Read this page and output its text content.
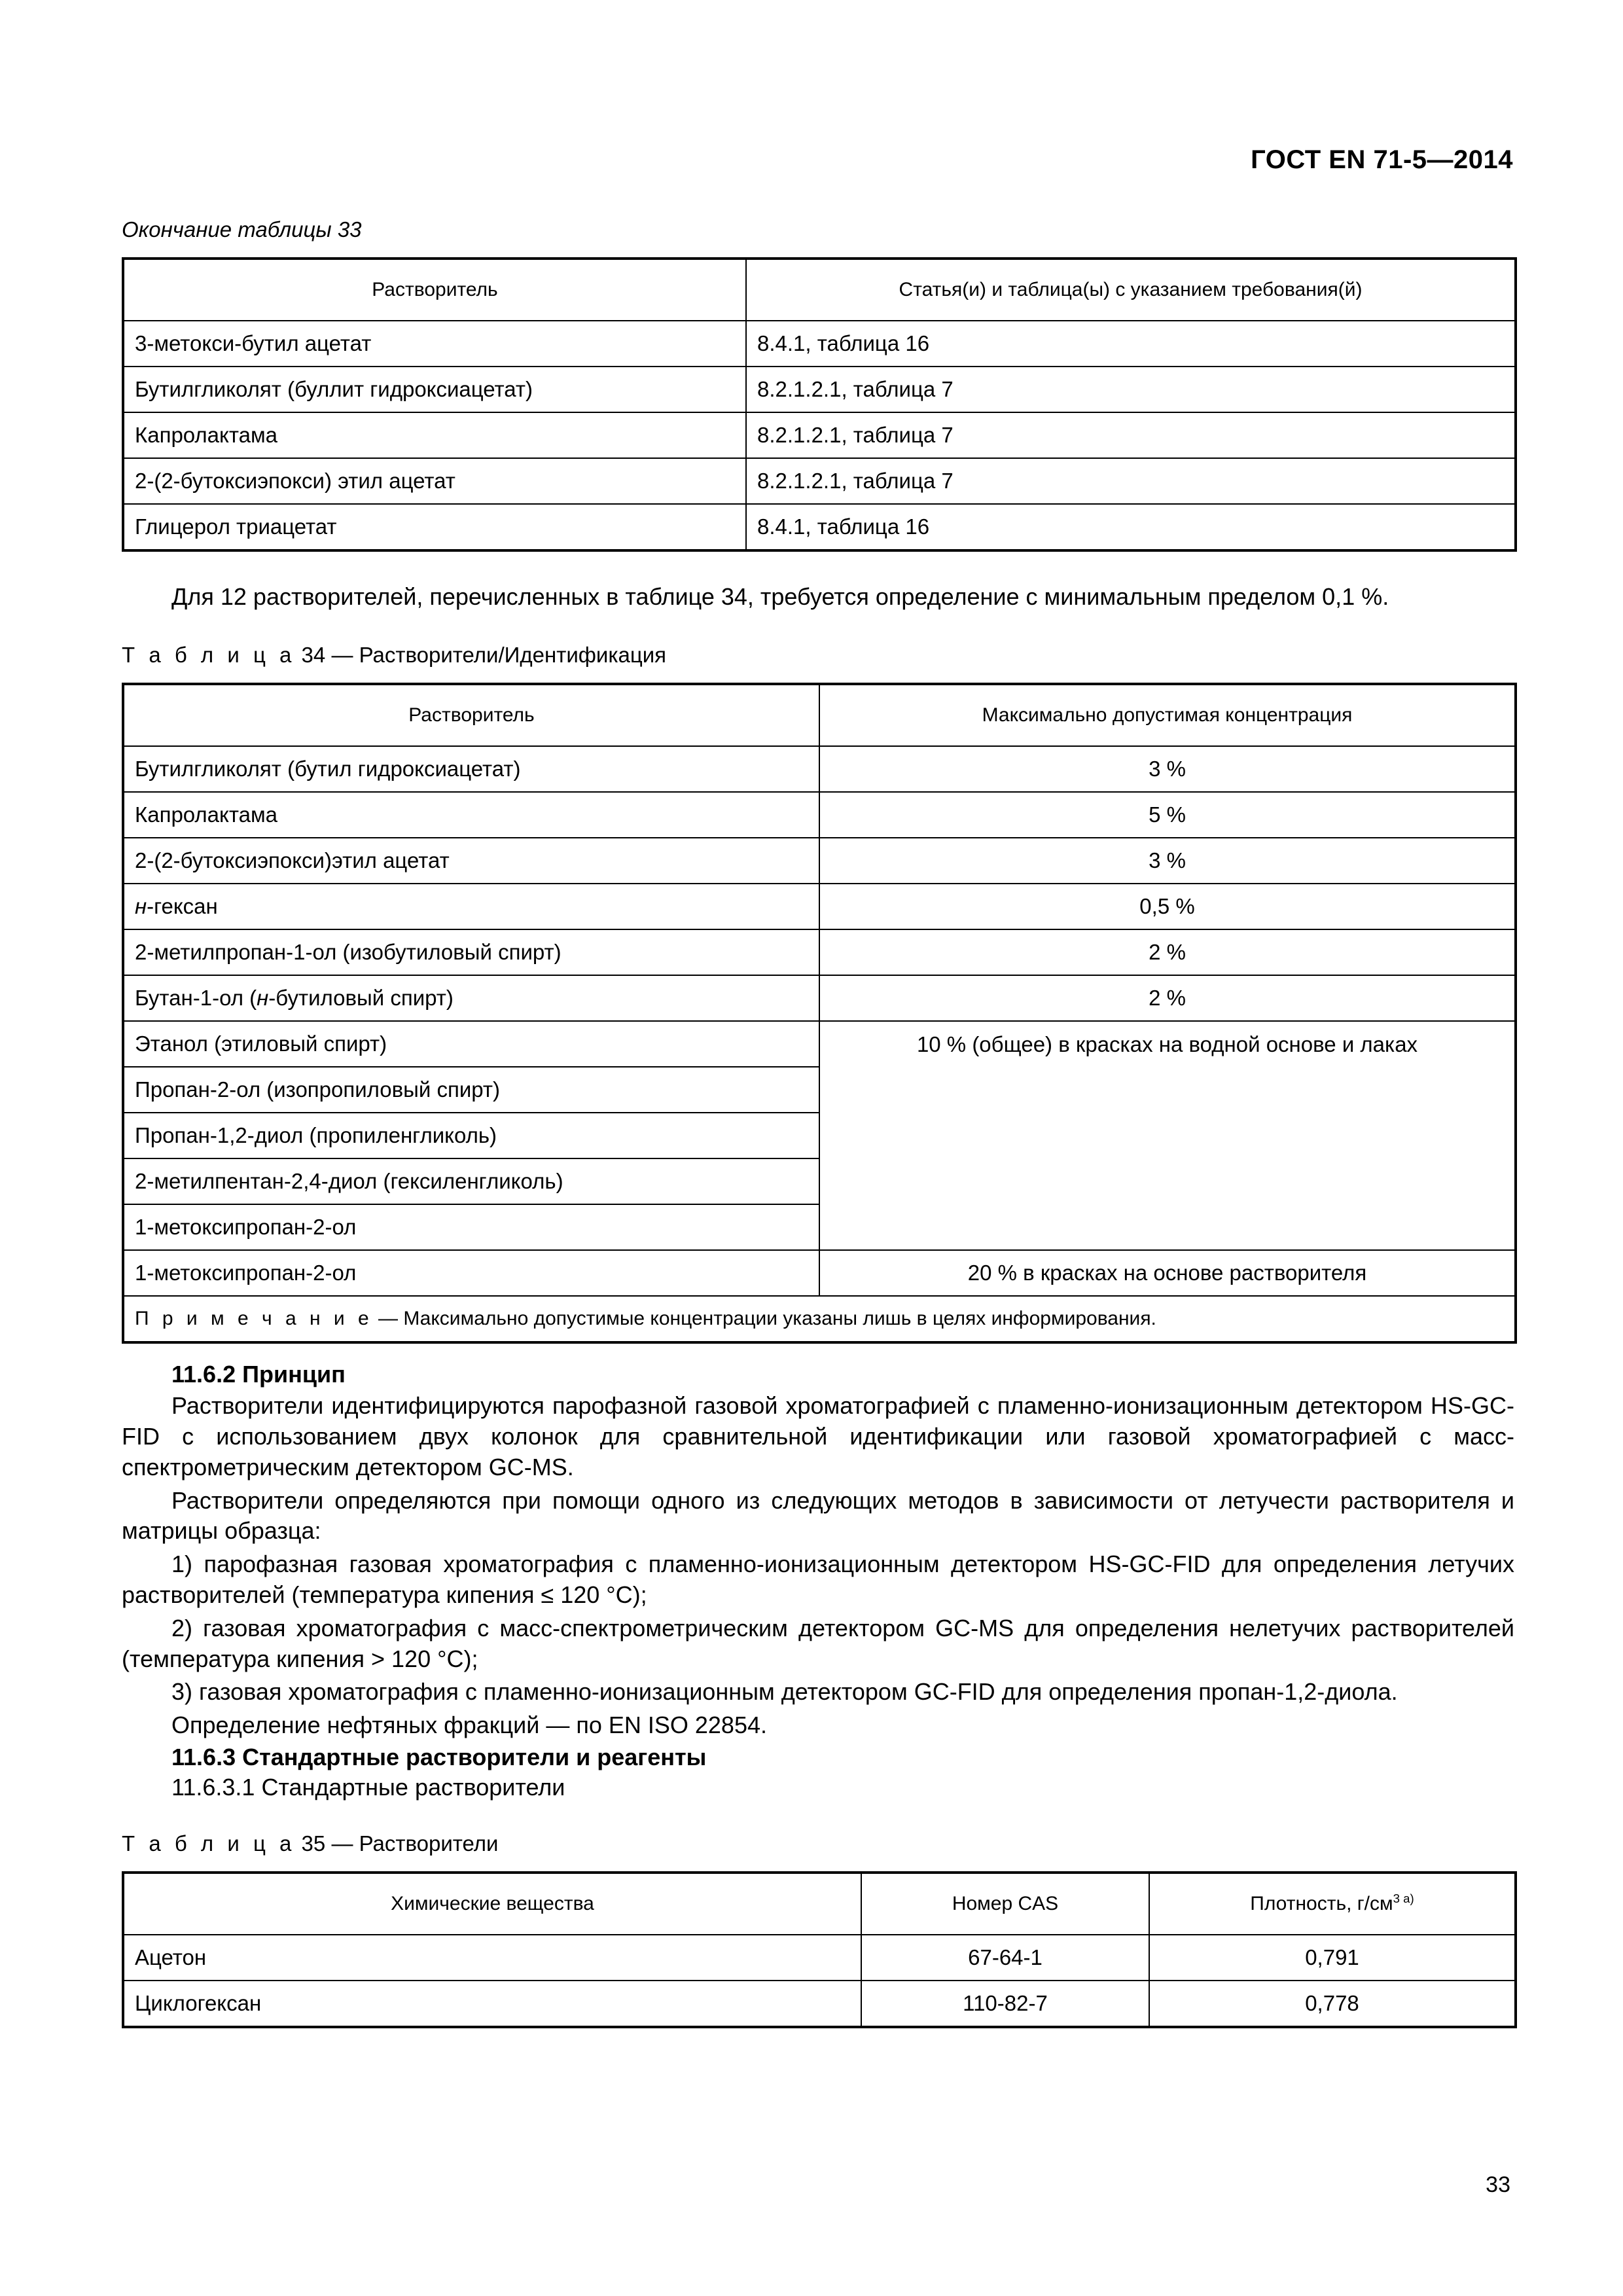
ГОСТ EN 71-5—2014
Окончание таблицы 33
Растворитель	Статья(и) и таблица(ы) с указанием требования(й)
3-метокси-бутил ацетат	8.4.1, таблица 16
Бутилгликолят (буллит гидроксиацетат)	8.2.1.2.1, таблица 7
Капролактама	8.2.1.2.1, таблица 7
2-(2-бутоксиэпокси) этил ацетат	8.2.1.2.1, таблица 7
Глицерол триацетат	8.4.1, таблица 16

Для 12 растворителей, перечисленных в таблице 34, требуется определение с минимальным пределом 0,1 %.

Т а б л и ц а 34 — Растворители/Идентификация
Растворитель	Максимально допустимая концентрация
Бутилгликолят (бутил гидроксиацетат)	3 %
Капролактама	5 %
2-(2-бутоксиэпокси)этил ацетат	3 %
н-гексан	0,5 %
2-метилпропан-1-ол (изобутиловый спирт)	2 %
Бутан-1-ол (н-бутиловый спирт)	2 %
Этанол (этиловый спирт)	10 % (общее) в красках на водной основе и лаках
Пропан-2-ол (изопропиловый спирт)	
Пропан-1,2-диол (пропиленгликоль)	
2-метилпентан-2,4-диол (гексиленгликоль)	
1-метоксипропан-2-ол	
1-метоксипропан-2-ол	20 % в красках на основе растворителя
П р и м е ч а н и е — Максимально допустимые концентрации указаны лишь в целях информирования.	
11.6.2 Принцип

Растворители идентифицируются парофазной газовой хроматографией с пламенно-ионизационным детектором HS-GC-FID с использованием двух колонок для сравнительной идентификации или газовой хроматографией с масс-спектрометрическим детектором GC-MS.

Растворители определяются при помощи одного из следующих методов в зависимости от летучести растворителя и матрицы образца:

1) парофазная газовая хроматография с пламенно-ионизационным детектором HS-GC-FID для определения летучих растворителей (температура кипения ≤ 120 °C);

2) газовая хроматография с масс-спектрометрическим детектором GC-MS для определения нелетучих растворителей (температура кипения > 120 °C);

3) газовая хроматография с пламенно-ионизационным детектором GC-FID для определения пропан-1,2-диола.

Определение нефтяных фракций — по EN ISO 22854.

11.6.3 Стандартные растворители и реагенты

11.6.3.1 Стандартные растворители

Т а б л и ц а 35 — Растворители
Химические вещества	Номер CAS	Плотность, $г/см^{3 а)}$
Ацетон	67-64-1	0,791
Циклогексан	110-82-7	0,778
33
